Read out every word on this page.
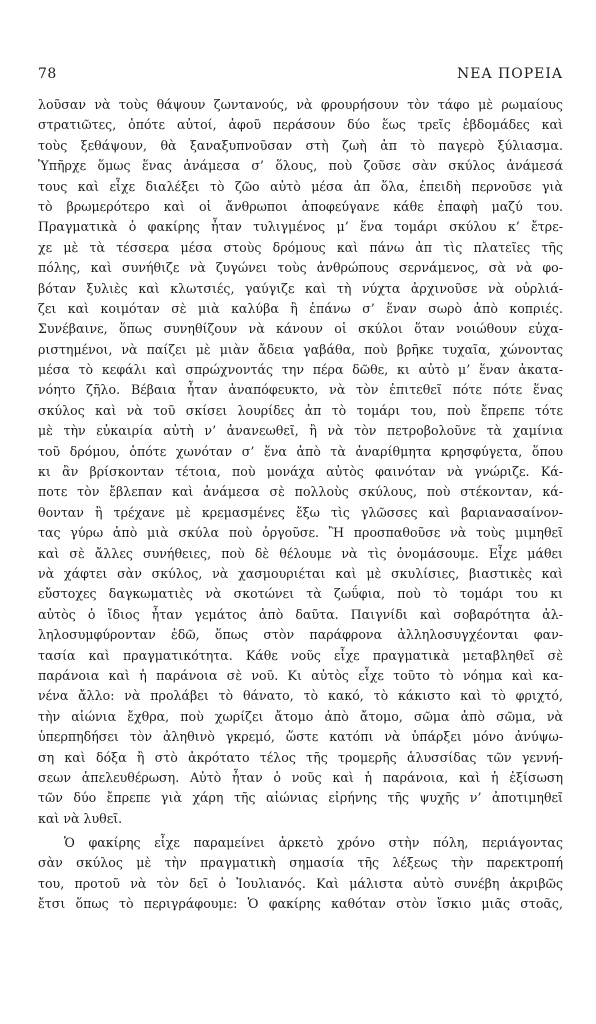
78	ΝΕΑ ΠΟΡΕΙΑ
λοῦσαν νὰ τοὺς θάψουν ζωντανούς, νὰ φρουρήσουν τὸν τάφο μὲ ρωμαίους
στρατιῶτες, ὁπότε αὐτοί, ἀφοῦ περάσουν δύο ἕως τρεῖς ἑβδομάδες καὶ
τοὺς ξεθάψουν, θὰ ξαναξυπνοῦσαν στὴ ζωὴ ἀπ τὸ παγερὸ ξύλιασμα.
Ὑπῆρχε ὅμως ἕνας ἀνάμεσα σ’ ὅλους, ποὺ ζοῦσε σὰν σκύλος ἀνάμεσά
τους καὶ εἶχε διαλέξει τὸ ζῶο αὐτὸ μέσα ἀπ ὅλα, ἐπειδὴ περνοῦσε γιὰ
τὸ βρωμερότερο καὶ οἱ ἄνθρωποι ἀποφεύγανε κάθε ἐπαφὴ μαζύ του.
Πραγματικὰ ὁ φακίρης ἦταν τυλιγμένος μ’ ἕνα τομάρι σκύλου κ’ ἔτρε-
χε μὲ τὰ τέσσερα μέσα στοὺς δρόμους καὶ πάνω ἀπ τὶς πλατεῖες τῆς
πόλης, καὶ συνήθιζε νὰ ζυγώνει τοὺς ἀνθρώπους σερνάμενος, σὰ νὰ φο-
βόταν ξυλιὲς καὶ κλωτσιές, γαύγιζε καὶ τὴ νύχτα ἀρχινοῦσε νὰ οὐρλιά-
ζει καὶ κοιμόταν σὲ μιὰ καλύβα ἢ ἐπάνω σ’ ἕναν σωρὸ ἀπὸ κοπριές.
Συνέβαινε, ὅπως συνηθίζουν νὰ κάνουν οἱ σκύλοι ὅταν νοιώθουν εὐχα-
ριστημένοι, νὰ παίζει μὲ μιὰν ἄδεια γαβάθα, ποὺ βρῆκε τυχαῖα, χώνοντας
μέσα τὸ κεφάλι καὶ σπρώχνοντάς την πέρα δῶθε, κι αὐτὸ μ’ ἕναν ἀκατα-
νόητο ζῆλο. Βέβαια ἦταν ἀναπόφευκτο, νὰ τὸν ἐπιτεθεῖ πότε πότε ἕνας
σκύλος καὶ νὰ τοῦ σκίσει λουρίδες ἀπ τὸ τομάρι του, ποὺ ἔπρεπε τότε
μὲ τὴν εὐκαιρία αὐτὴ ν’ ἀνανεωθεῖ, ἢ νὰ τὸν πετροβολοῦνε τὰ χαμίνια
τοῦ δρόμου, ὁπότε χωνόταν σ’ ἕνα ἀπὸ τὰ ἀναρίθμητα κρησφύγετα, ὅπου
κι ἂν βρίσκονταν τέτοια, ποὺ μονάχα αὐτὸς φαινόταν νὰ γνώριζε. Κά-
ποτε τὸν ἔβλεπαν καὶ ἀνάμεσα σὲ πολλοὺς σκύλους, ποὺ στέκονταν, κά-
θονταν ἢ τρέχανε μὲ κρεμασμένες ἔξω τὶς γλῶσσες καὶ βαριανασαίνον-
τας γύρω ἀπὸ μιὰ σκύλα ποὺ ὀργοῦσε. Ἢ προσπαθοῦσε νὰ τοὺς μιμηθεῖ
καὶ σὲ ἄλλες συνήθειες, ποὺ δὲ θέλουμε νὰ τὶς ὀνομάσουμε. Εἶχε μάθει
νὰ χάφτει σὰν σκύλος, νὰ χασμουριέται καὶ μὲ σκυλίσιες, βιαστικὲς καὶ
εὔστοχες δαγκωματιὲς νὰ σκοτώνει τὰ ζωΰφια, ποὺ τὸ τομάρι του κι
αὐτὸς ὁ ἴδιος ἦταν γεμάτος ἀπὸ δαῦτα. Παιγνίδι καὶ σοβαρότητα ἀλ-
ληλοσυμφύρονταν ἐδῶ, ὅπως στὸν παράφρονα ἀλληλοσυγχέονται φαν-
τασία καὶ πραγματικότητα. Κάθε νοῦς εἶχε πραγματικὰ μεταβληθεῖ σὲ
παράνοια καὶ ἡ παράνοια σὲ νοῦ. Κι αὐτὸς εἶχε τοῦτο τὸ νόημα καὶ κα-
νένα ἄλλο: νὰ προλάβει τὸ θάνατο, τὸ κακό, τὸ κάκιστο καὶ τὸ φριχτό,
τὴν αἰώνια ἔχθρα, ποὺ χωρίζει ἄτομο ἀπὸ ἄτομο, σῶμα ἀπὸ σῶμα, νὰ
ὑπερπηδήσει τὸν ἀληθινὸ γκρεμό, ὥστε κατόπι νὰ ὑπάρξει μόνο ἀνύψω-
ση καὶ δόξα ἢ στὸ ἀκρότατο τέλος τῆς τρομερῆς ἁλυσσίδας τῶν γεννή-
σεων ἀπελευθέρωση. Αὐτὸ ἦταν ὁ νοῦς καὶ ἡ παράνοια, καὶ ἡ ἐξίσωση
τῶν δύο ἔπρεπε γιὰ χάρη τῆς αἰώνιας εἰρήνης τῆς ψυχῆς ν’ ἀποτιμηθεῖ
καὶ νὰ λυθεῖ.
Ὁ φακίρης εἶχε παραμείνει ἀρκετὸ χρόνο στὴν πόλη, περιάγοντας
σὰν σκύλος μὲ τὴν πραγματικὴ σημασία τῆς λέξεως τὴν παρεκτροπή
του, προτοῦ νὰ τὸν δεῖ ὁ Ἰουλιανός. Καὶ μάλιστα αὐτὸ συνέβη ἀκριβῶς
ἔτσι ὅπως τὸ περιγράφουμε: Ὁ φακίρης καθόταν στὸν ἴσκιο μιᾶς στοᾶς,
